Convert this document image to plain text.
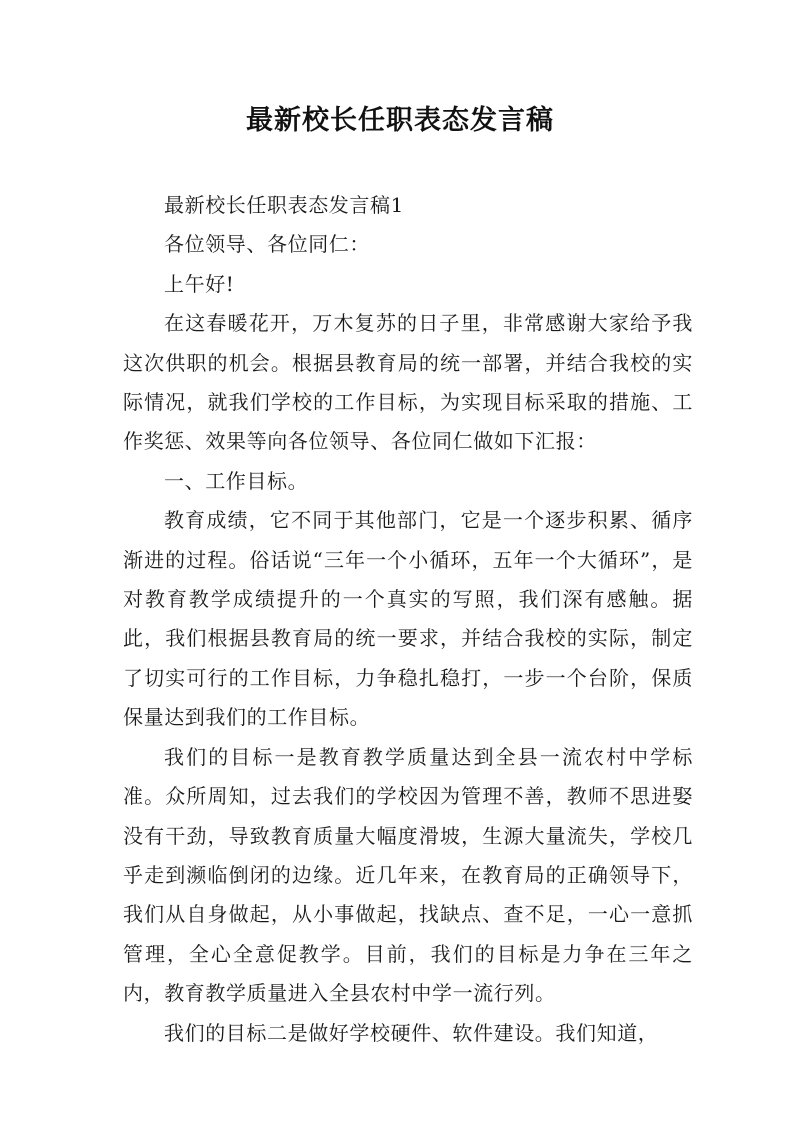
最新校长任职表态发言稿

最新校长任职表态发言稿1

各位领导、各位同仁：

上午好!

在这春暖花开，万木复苏的日子里，非常感谢大家给予我这次供职的机会。根据县教育局的统一部署，并结合我校的实际情况，就我们学校的工作目标，为实现目标采取的措施、工作奖惩、效果等向各位领导、各位同仁做如下汇报：

一、工作目标。

教育成绩，它不同于其他部门，它是一个逐步积累、循序渐进的过程。俗话说“三年一个小循环，五年一个大循环”，是对教育教学成绩提升的一个真实的写照，我们深有感触。据此，我们根据县教育局的统一要求，并结合我校的实际，制定了切实可行的工作目标，力争稳扎稳打，一步一个台阶，保质保量达到我们的工作目标。

我们的目标一是教育教学质量达到全县一流农村中学标准。众所周知，过去我们的学校因为管理不善，教师不思进娶没有干劲，导致教育质量大幅度滑坡，生源大量流失，学校几乎走到濒临倒闭的边缘。近几年来，在教育局的正确领导下，我们从自身做起，从小事做起，找缺点、查不足，一心一意抓管理，全心全意促教学。目前，我们的目标是力争在三年之内，教育教学质量进入全县农村中学一流行列。

我们的目标二是做好学校硬件、软件建设。我们知道，
